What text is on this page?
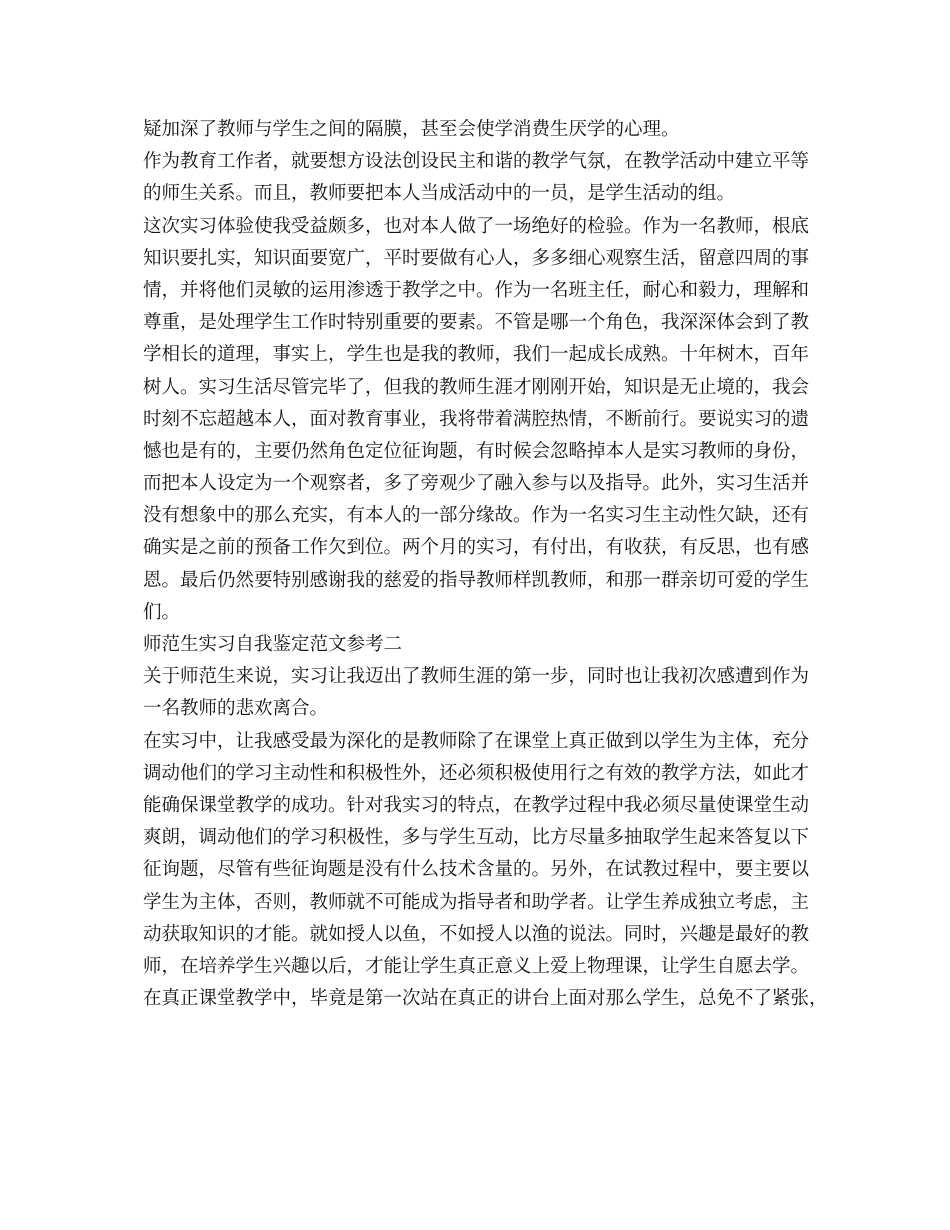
疑加深了教师与学生之间的隔膜，甚至会使学消费生厌学的心理。
作为教育工作者，就要想方设法创设民主和谐的教学气氛，在教学活动中建立平等
的师生关系。而且，教师要把本人当成活动中的一员，是学生活动的组。
这次实习体验使我受益颇多，也对本人做了一场绝好的检验。作为一名教师，根底
知识要扎实，知识面要宽广，平时要做有心人，多多细心观察生活，留意四周的事
情，并将他们灵敏的运用渗透于教学之中。作为一名班主任，耐心和毅力，理解和
尊重，是处理学生工作时特别重要的要素。不管是哪一个角色，我深深体会到了教
学相长的道理，事实上，学生也是我的教师，我们一起成长成熟。十年树木，百年
树人。实习生活尽管完毕了，但我的教师生涯才刚刚开始，知识是无止境的，我会
时刻不忘超越本人，面对教育事业，我将带着满腔热情，不断前行。要说实习的遗
憾也是有的，主要仍然角色定位征询题，有时候会忽略掉本人是实习教师的身份，
而把本人设定为一个观察者，多了旁观少了融入参与以及指导。此外，实习生活并
没有想象中的那么充实，有本人的一部分缘故。作为一名实习生主动性欠缺，还有
确实是之前的预备工作欠到位。两个月的实习，有付出，有收获，有反思，也有感
恩。最后仍然要特别感谢我的慈爱的指导教师样凯教师，和那一群亲切可爱的学生
们。
师范生实习自我鉴定范文参考二
关于师范生来说，实习让我迈出了教师生涯的第一步，同时也让我初次感遭到作为
一名教师的悲欢离合。
在实习中，让我感受最为深化的是教师除了在课堂上真正做到以学生为主体，充分
调动他们的学习主动性和积极性外，还必须积极使用行之有效的教学方法，如此才
能确保课堂教学的成功。针对我实习的特点，在教学过程中我必须尽量使课堂生动
爽朗，调动他们的学习积极性，多与学生互动，比方尽量多抽取学生起来答复以下
征询题，尽管有些征询题是没有什么技术含量的。另外，在试教过程中，要主要以
学生为主体，否则，教师就不可能成为指导者和助学者。让学生养成独立考虑，主
动获取知识的才能。就如授人以鱼，不如授人以渔的说法。同时，兴趣是最好的教
师，在培养学生兴趣以后，才能让学生真正意义上爱上物理课，让学生自愿去学。
在真正课堂教学中，毕竟是第一次站在真正的讲台上面对那么学生，总免不了紧张，
